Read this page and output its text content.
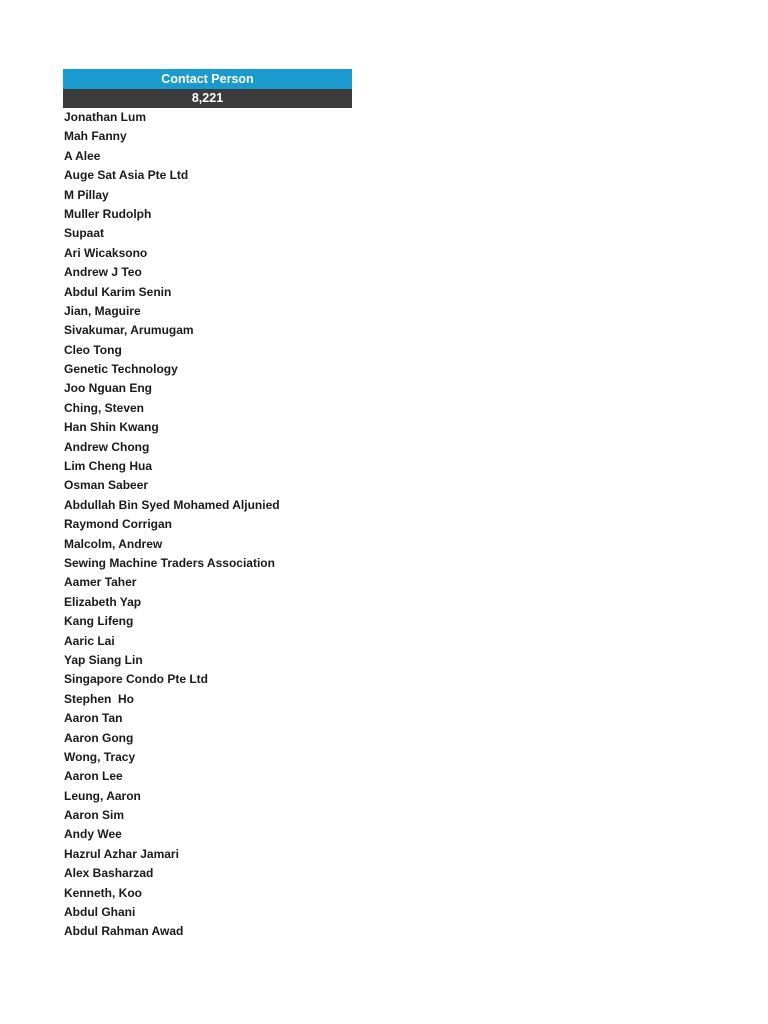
Contact Person
8,221
Jonathan Lum
Mah Fanny
A Alee
Auge Sat Asia Pte Ltd
M Pillay
Muller Rudolph
Supaat
Ari Wicaksono
Andrew J Teo
Abdul Karim Senin
Jian, Maguire
Sivakumar, Arumugam
Cleo Tong
Genetic Technology
Joo Nguan Eng
Ching, Steven
Han Shin Kwang
Andrew Chong
Lim Cheng Hua
Osman Sabeer
Abdullah Bin Syed Mohamed Aljunied
Raymond Corrigan
Malcolm, Andrew
Sewing Machine Traders Association
Aamer Taher
Elizabeth Yap
Kang Lifeng
Aaric Lai
Yap Siang Lin
Singapore Condo Pte Ltd
Stephen  Ho
Aaron Tan
Aaron Gong
Wong, Tracy
Aaron Lee
Leung, Aaron
Aaron Sim
Andy Wee
Hazrul Azhar Jamari
Alex Basharzad
Kenneth, Koo
Abdul Ghani
Abdul Rahman Awad
